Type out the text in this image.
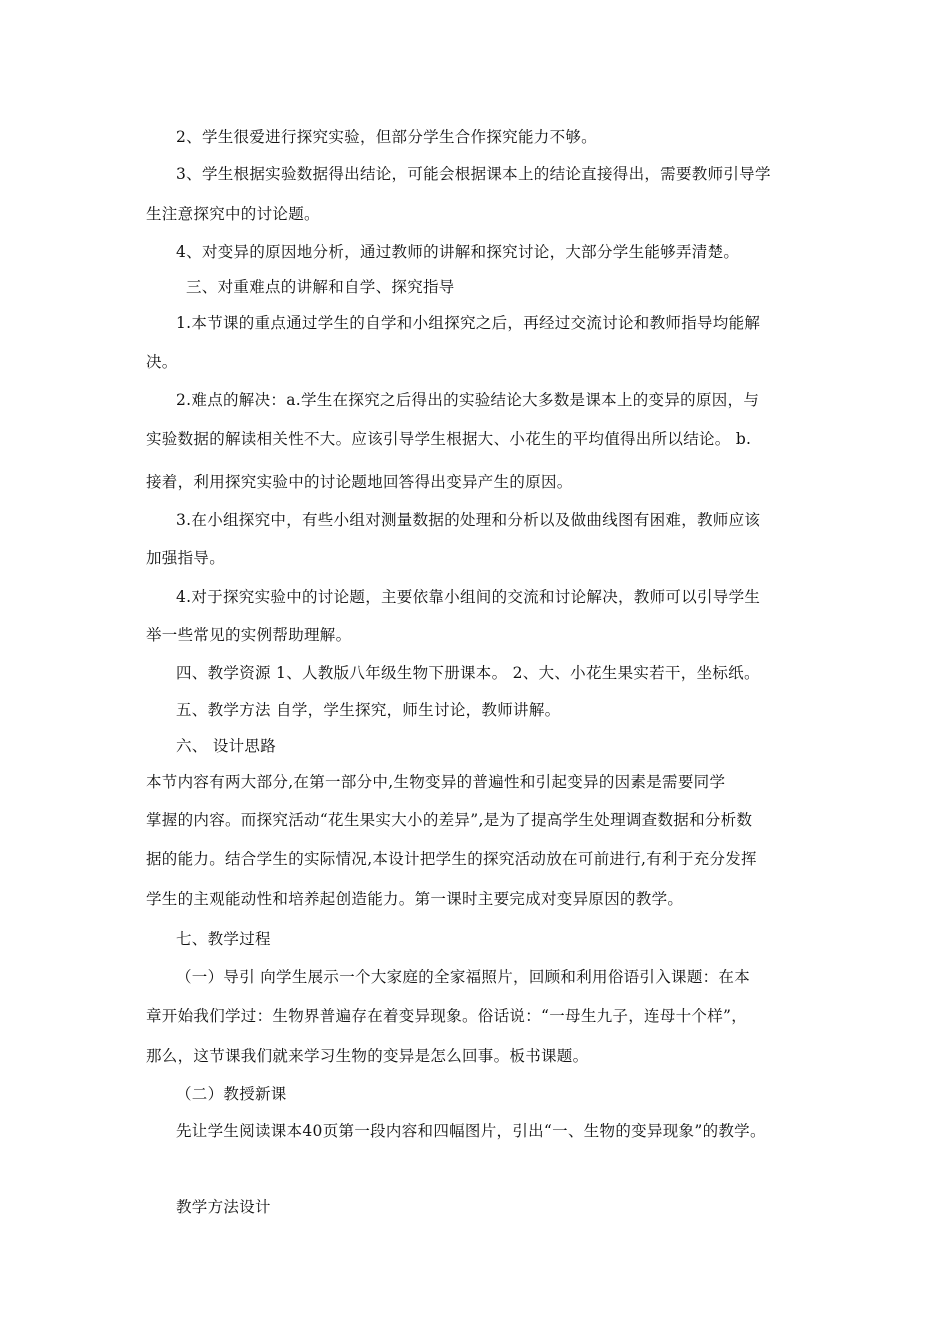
2、学生很爱进行探究实验，但部分学生合作探究能力不够。
3、学生根据实验数据得出结论，可能会根据课本上的结论直接得出，需要教师引导学
生注意探究中的讨论题。
4、对变异的原因地分析，通过教师的讲解和探究讨论，大部分学生能够弄清楚。
三、对重难点的讲解和自学、探究指导
1.本节课的重点通过学生的自学和小组探究之后，再经过交流讨论和教师指导均能解
决。
2.难点的解决：a.学生在探究之后得出的实验结论大多数是课本上的变异的原因，与
实验数据的解读相关性不大。应该引导学生根据大、小花生的平均值得出所以结论。 b.
接着，利用探究实验中的讨论题地回答得出变异产生的原因。
3.在小组探究中，有些小组对测量数据的处理和分析以及做曲线图有困难，教师应该
加强指导。
4.对于探究实验中的讨论题，主要依靠小组间的交流和讨论解决，教师可以引导学生
举一些常见的实例帮助理解。
四、教学资源 1、人教版八年级生物下册课本。 2、大、小花生果实若干，坐标纸。
五、教学方法 自学，学生探究，师生讨论，教师讲解。
六、 设计思路
本节内容有两大部分,在第一部分中,生物变异的普遍性和引起变异的因素是需要同学
掌握的内容。而探究活动“花生果实大小的差异”,是为了提高学生处理调查数据和分析数
据的能力。结合学生的实际情况,本设计把学生的探究活动放在可前进行,有利于充分发挥
学生的主观能动性和培养起创造能力。第一课时主要完成对变异原因的教学。
七、教学过程
（一）导引 向学生展示一个大家庭的全家福照片，回顾和利用俗语引入课题：在本
章开始我们学过：生物界普遍存在着变异现象。俗话说：“一母生九子，连母十个样”，
那么，这节课我们就来学习生物的变异是怎么回事。板书课题。
（二）教授新课
先让学生阅读课本40页第一段内容和四幅图片，引出“一、生物的变异现象”的教学。
教学方法设计
